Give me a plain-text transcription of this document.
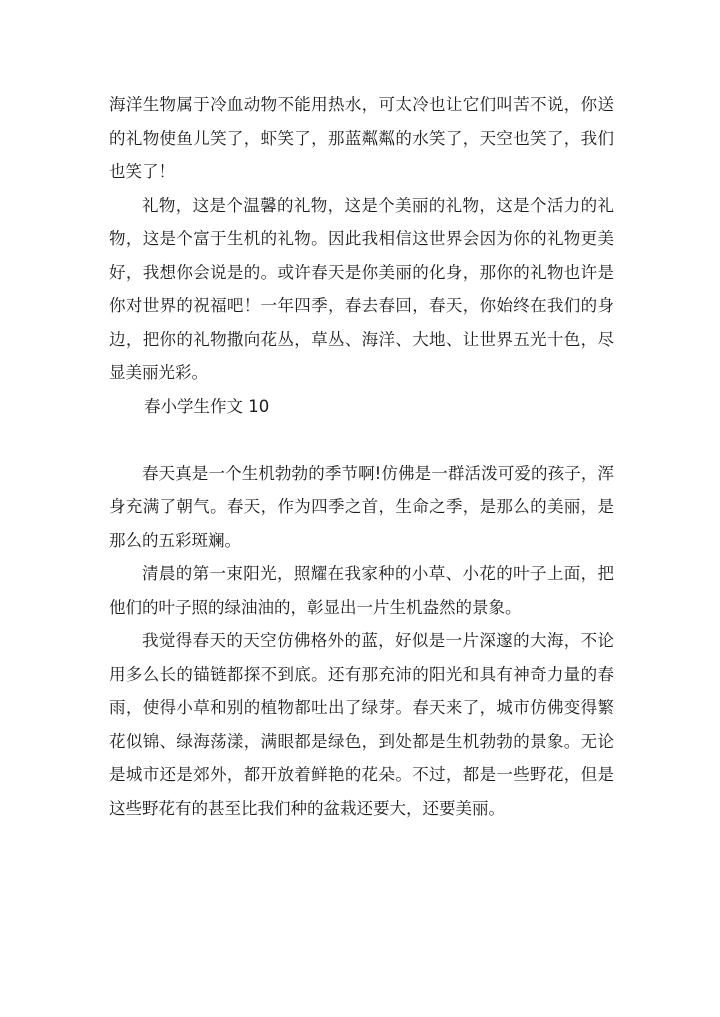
海洋生物属于冷血动物不能用热水，可太冷也让它们叫苦不说，你送的礼物使鱼儿笑了，虾笑了，那蓝粼粼的水笑了，天空也笑了，我们也笑了！

礼物，这是个温馨的礼物，这是个美丽的礼物，这是个活力的礼物，这是个富于生机的礼物。因此我相信这世界会因为你的礼物更美好，我想你会说是的。或许春天是你美丽的化身，那你的礼物也许是你对世界的祝福吧！一年四季，春去春回，春天，你始终在我们的身边，把你的礼物撒向花丛，草丛、海洋、大地、让世界五光十色，尽显美丽光彩。

春小学生作文 10

春天真是一个生机勃勃的季节啊!仿佛是一群活泼可爱的孩子，浑身充满了朝气。春天，作为四季之首，生命之季，是那么的美丽，是那么的五彩斑斓。

清晨的第一束阳光，照耀在我家种的小草、小花的叶子上面，把他们的叶子照的绿油油的，彰显出一片生机盎然的景象。

我觉得春天的天空仿佛格外的蓝，好似是一片深邃的大海，不论用多么长的锚链都探不到底。还有那充沛的阳光和具有神奇力量的春雨，使得小草和别的植物都吐出了绿芽。春天来了，城市仿佛变得繁花似锦、绿海荡漾，满眼都是绿色，到处都是生机勃勃的景象。无论是城市还是郊外，都开放着鲜艳的花朵。不过，都是一些野花，但是这些野花有的甚至比我们种的盆栽还要大，还要美丽。
